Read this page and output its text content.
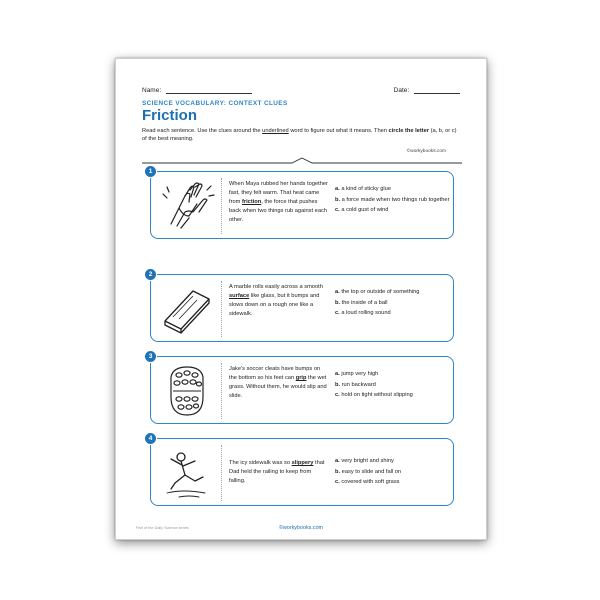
Name:	Date:
SCIENCE VOCABULARY: CONTEXT CLUES
Friction
Read each sentence. Use the clues around the underlined word to figure out what it means. Then circle the letter (a, b, or c) of the best meaning.
©workybooks.com
1
When Maya rubbed her hands together fast, they felt warm. That heat came from friction, the force that pushes back when two things rub against each other.
a. a kind of sticky glue
b. a force made when two things rub together
c. a cold gust of wind
2
A marble rolls easily across a smooth surface like glass, but it bumps and slows down on a rough one like a sidewalk.
a. the top or outside of something
b. the inside of a ball
c. a loud rolling sound
3
Jake's soccer cleats have bumps on the bottom so his feet can grip the wet grass. Without them, he would slip and slide.
a. jump very high
b. run backward
c. hold on tight without slipping
4
The icy sidewalk was so slippery that Dad held the railing to keep from falling.
a. very bright and shiny
b. easy to slide and fall on
c. covered with soft grass
Part of the Daily Science series	©workybooks.com
